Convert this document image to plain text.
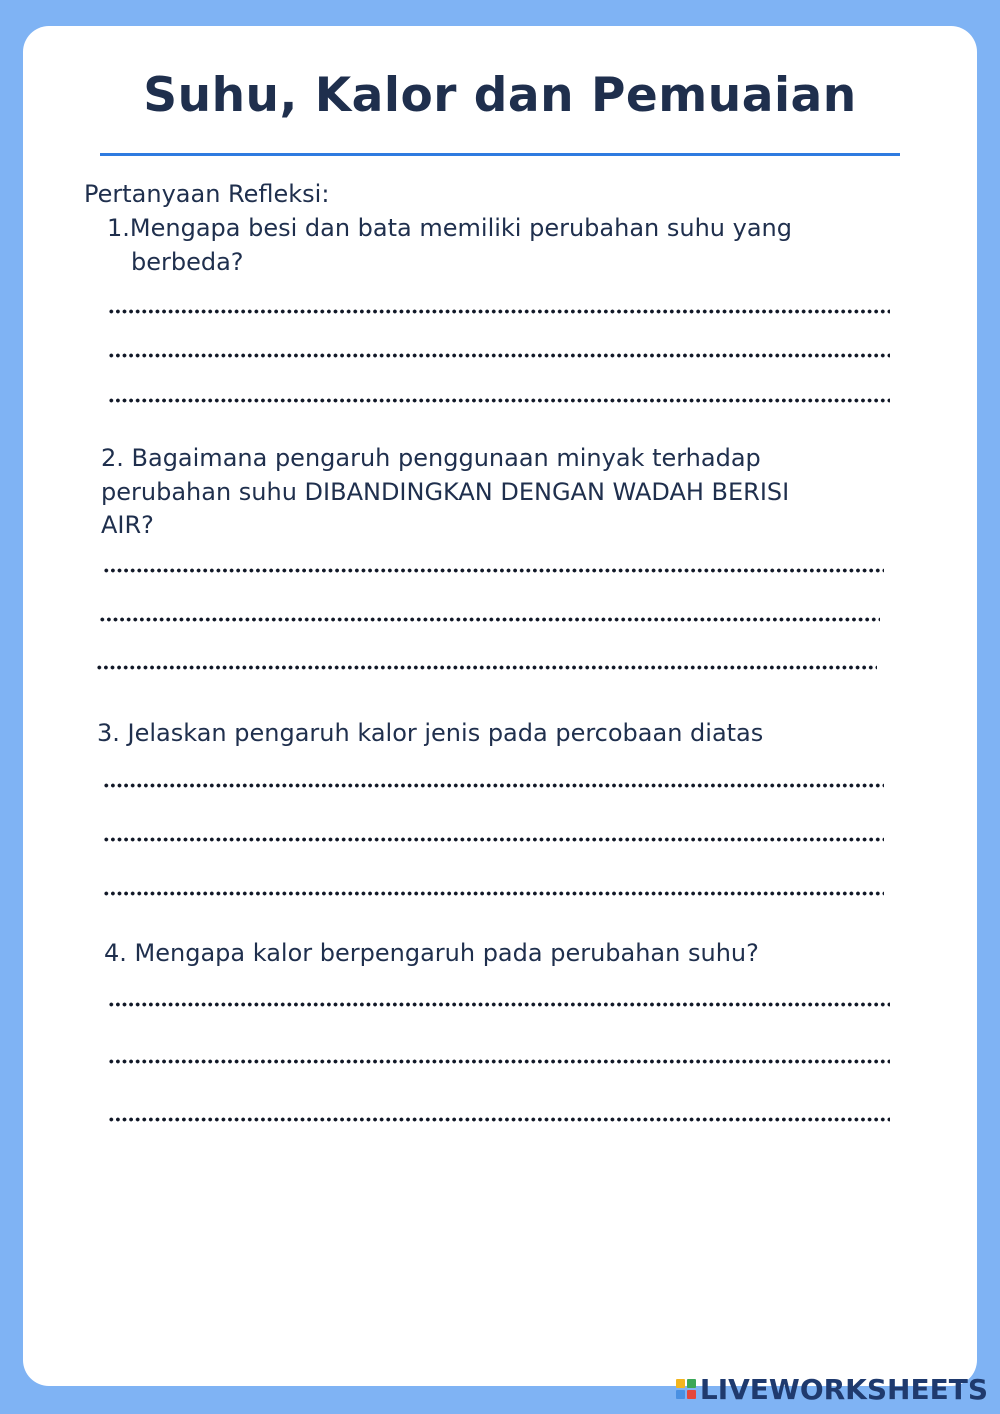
Suhu, Kalor dan Pemuaian

Pertanyaan Refleksi:

1.Mengapa besi dan bata memiliki perubahan suhu yang

berbeda?

2. Bagaimana pengaruh penggunaan minyak terhadap

perubahan suhu DIBANDINGKAN DENGAN WADAH BERISI

AIR?

3. Jelaskan pengaruh kalor jenis pada percobaan diatas

4. Mengapa kalor berpengaruh pada perubahan suhu?

LIVEWORKSHEETS
